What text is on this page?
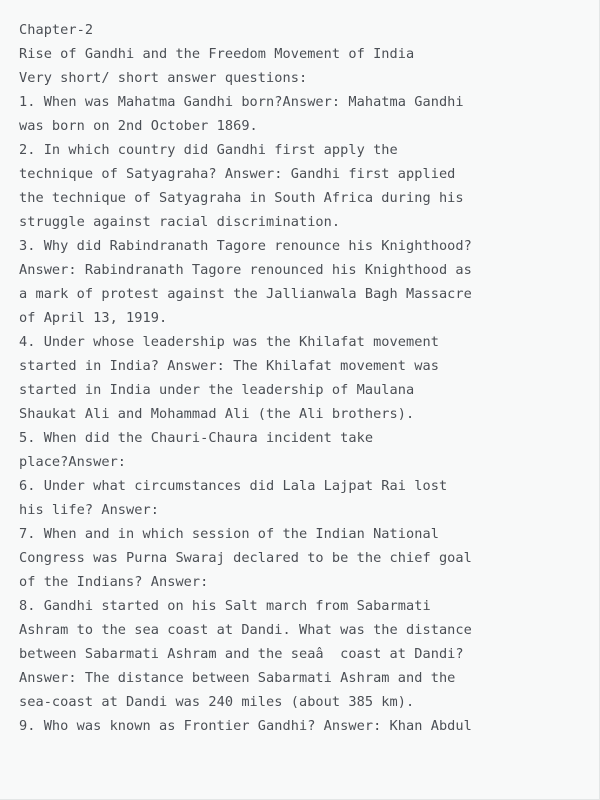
Chapter-2
Rise of Gandhi and the Freedom Movement of India
Very short/ short answer questions:
1. When was Mahatma Gandhi born?Answer: Mahatma Gandhi
was born on 2nd October 1869.
2. In which country did Gandhi first apply the
technique of Satyagraha? Answer: Gandhi first applied
the technique of Satyagraha in South Africa during his
struggle against racial discrimination.
3. Why did Rabindranath Tagore renounce his Knighthood?
Answer: Rabindranath Tagore renounced his Knighthood as
a mark of protest against the Jallianwala Bagh Massacre
of April 13, 1919.
4. Under whose leadership was the Khilafat movement
started in India? Answer: The Khilafat movement was
started in India under the leadership of Maulana
Shaukat Ali and Mohammad Ali (the Ali brothers).
5. When did the Chauri-Chaura incident take
place?Answer:
6. Under what circumstances did Lala Lajpat Rai lost
his life? Answer:
7. When and in which session of the Indian National
Congress was Purna Swaraj declared to be the chief goal
of the Indians? Answer:
8. Gandhi started on his Salt march from Sabarmati
Ashram to the sea coast at Dandi. What was the distance
between Sabarmati Ashram and the seaâ  coast at Dandi?
Answer: The distance between Sabarmati Ashram and the
sea-coast at Dandi was 240 miles (about 385 km).
9. Who was known as Frontier Gandhi? Answer: Khan Abdul
